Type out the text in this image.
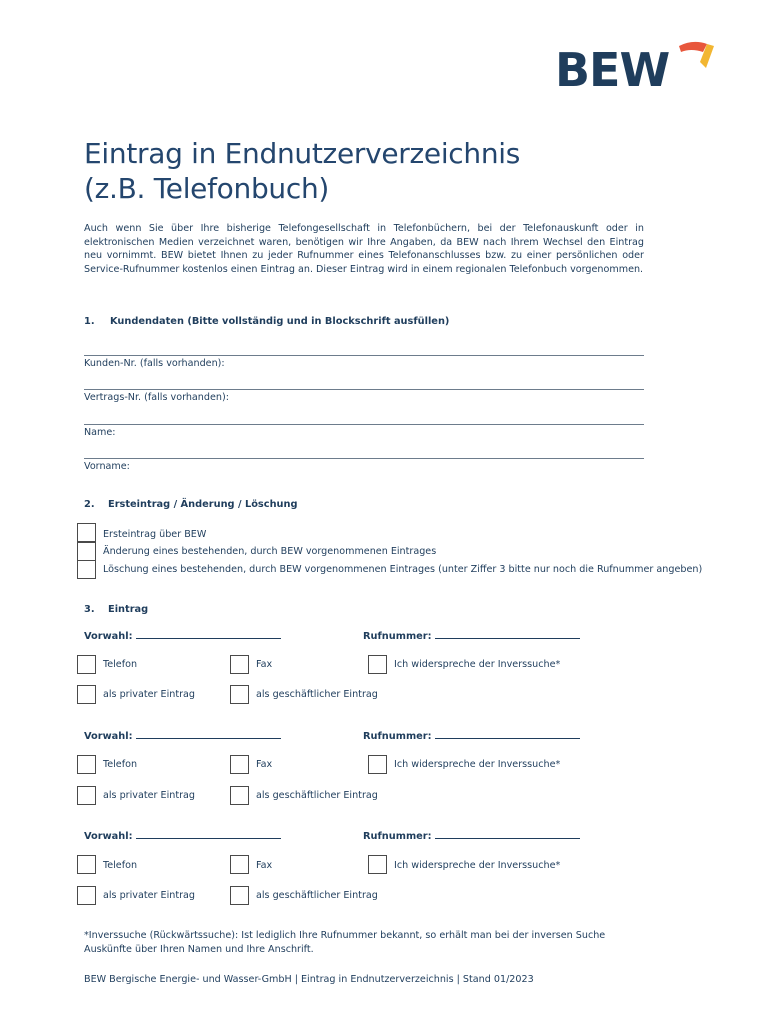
BEW
Eintrag in Endnutzerverzeichnis
(z.B. Telefonbuch)
Auch wenn Sie über Ihre bisherige Telefongesellschaft in Telefonbüchern, bei der Telefonauskunft oder in elektronischen Medien verzeichnet waren, benötigen wir Ihre Angaben, da BEW nach Ihrem Wechsel den Eintrag neu vornimmt. BEW bietet Ihnen zu jeder Rufnummer eines Telefonanschlusses bzw. zu einer persönlichen oder Service-Rufnummer kostenlos einen Eintrag an. Dieser Eintrag wird in einem regionalen Telefonbuch vorgenommen.
1. Kundendaten (Bitte vollständig und in Blockschrift ausfüllen)
Kunden-Nr. (falls vorhanden):
Vertrags-Nr. (falls vorhanden):
Name:
Vorname:
2. Ersteintrag / Änderung / Löschung
Ersteintrag über BEW
Änderung eines bestehenden, durch BEW vorgenommenen Eintrages
Löschung eines bestehenden, durch BEW vorgenommenen Eintrages (unter Ziffer 3 bitte nur noch die Rufnummer angeben)
3. Eintrag
Vorwahl:	Rufnummer:
Telefon	Fax	Ich widerspreche der Inverssuche*
als privater Eintrag	als geschäftlicher Eintrag
Vorwahl:	Rufnummer:
Telefon	Fax	Ich widerspreche der Inverssuche*
als privater Eintrag	als geschäftlicher Eintrag
Vorwahl:	Rufnummer:
Telefon	Fax	Ich widerspreche der Inverssuche*
als privater Eintrag	als geschäftlicher Eintrag
*Inverssuche (Rückwärtssuche): Ist lediglich Ihre Rufnummer bekannt, so erhält man bei der inversen Suche Auskünfte über Ihren Namen und Ihre Anschrift.
BEW Bergische Energie- und Wasser-GmbH | Eintrag in Endnutzerverzeichnis | Stand 01/2023
